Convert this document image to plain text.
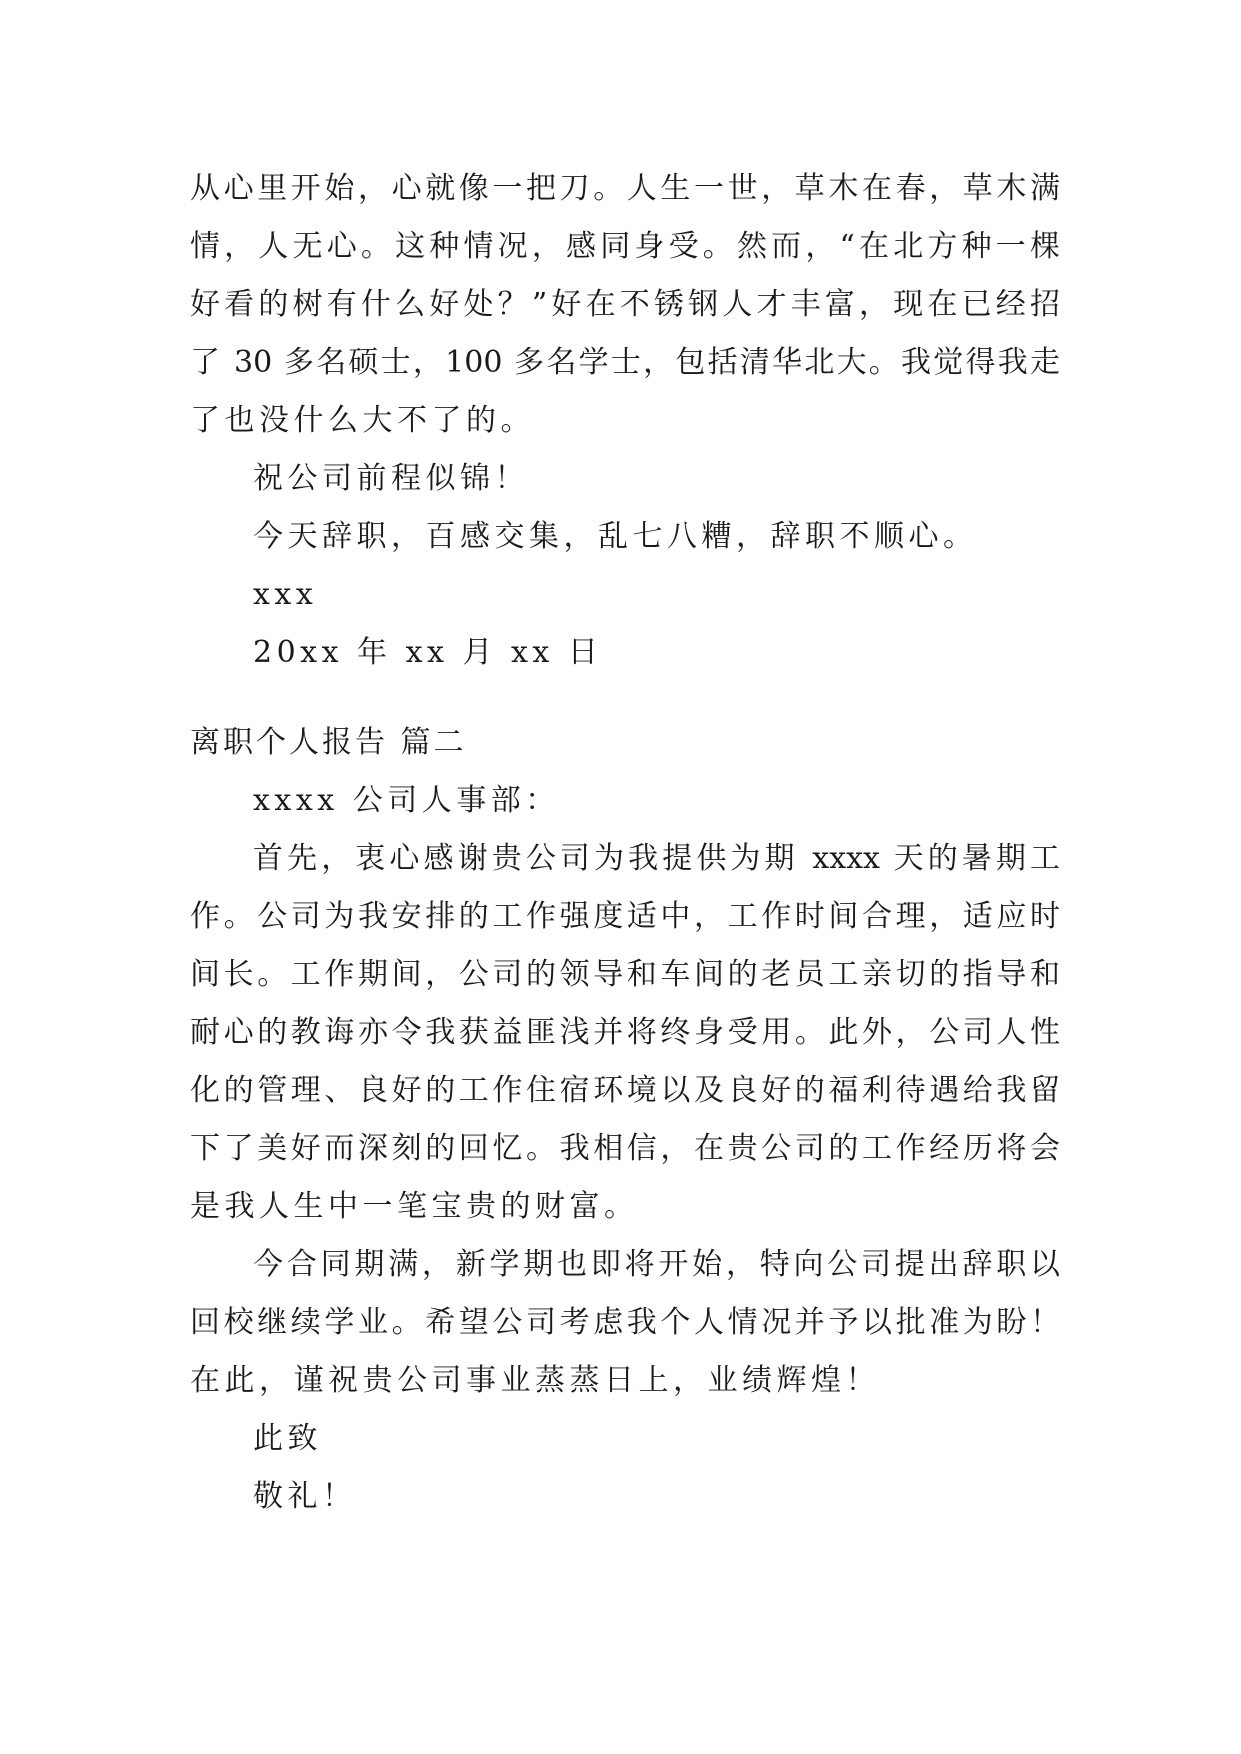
从心里开始，心就像一把刀。人生一世，草木在春，草木满
情，人无心。这种情况，感同身受。然而，“在北方种一棵
好看的树有什么好处？”好在不锈钢人才丰富，现在已经招
了 30 多名硕士，100 多名学士，包括清华北大。我觉得我走
了也没什么大不了的。
祝公司前程似锦！
今天辞职，百感交集，乱七八糟，辞职不顺心。
xxx
20xx 年 xx 月 xx 日
离职个人报告 篇二
xxxx 公司人事部：
首先，衷心感谢贵公司为我提供为期 xxxx 天的暑期工
作。公司为我安排的工作强度适中，工作时间合理，适应时
间长。工作期间，公司的领导和车间的老员工亲切的指导和
耐心的教诲亦令我获益匪浅并将终身受用。此外，公司人性
化的管理、良好的工作住宿环境以及良好的福利待遇给我留
下了美好而深刻的回忆。我相信，在贵公司的工作经历将会
是我人生中一笔宝贵的财富。
今合同期满，新学期也即将开始，特向公司提出辞职以
回校继续学业。希望公司考虑我个人情况并予以批准为盼！
在此，谨祝贵公司事业蒸蒸日上，业绩辉煌！
此致
敬礼！
